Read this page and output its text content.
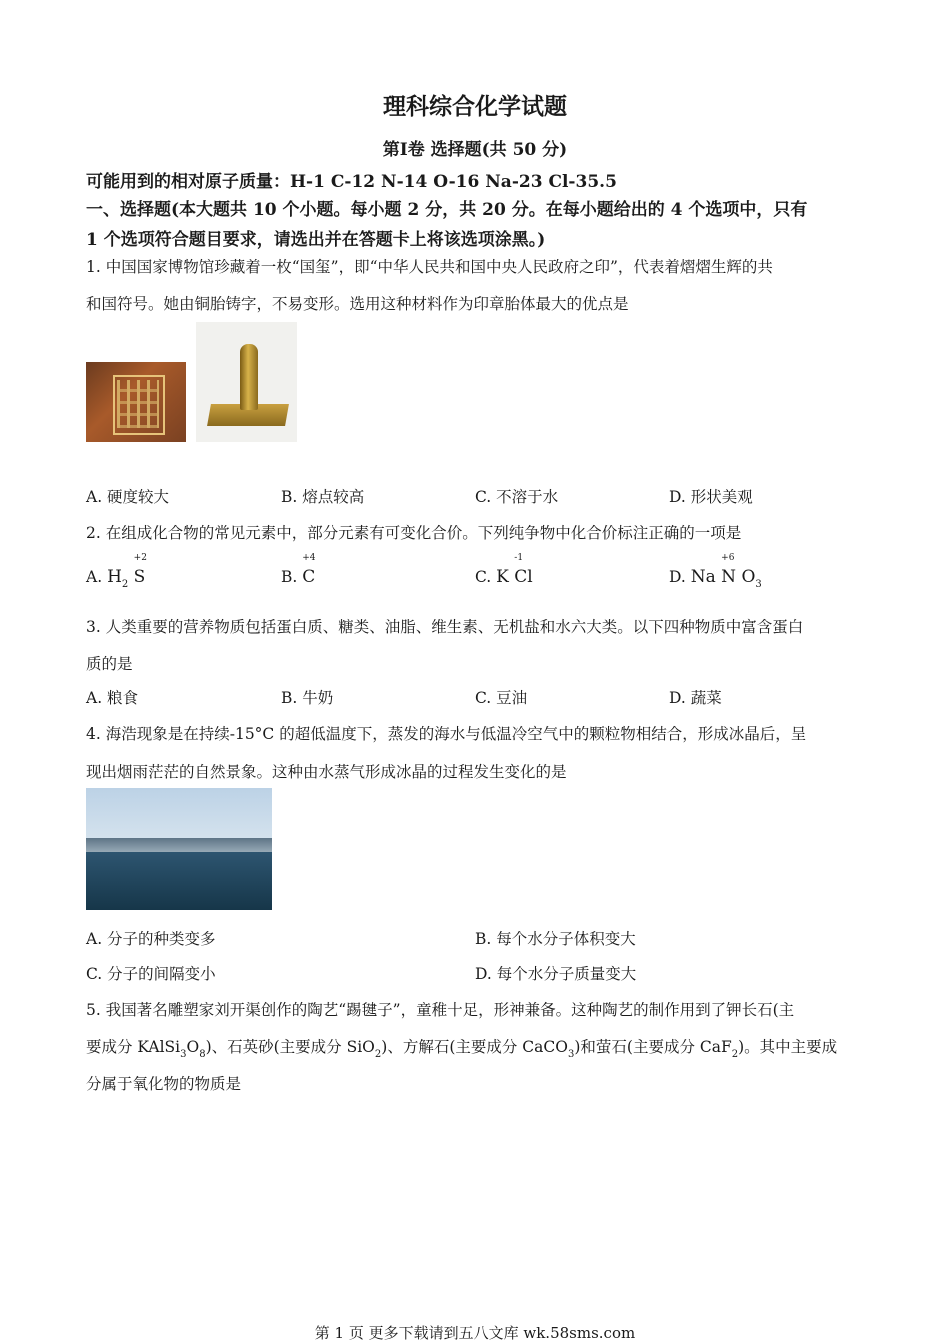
理科综合化学试题
第Ⅰ卷 选择题(共 50 分)
可能用到的相对原子质量：H-1 C-12 N-14 O-16 Na-23 Cl-35.5
一、选择题(本大题共 10 个小题。每小题 2 分，共 20 分。在每小题给出的 4 个选项中，只有
1 个选项符合题目要求，请选出并在答题卡上将该选项涂黑。)
1. 中国国家博物馆珍藏着一枚“国玺”，即“中华人民共和国中央人民政府之印”，代表着熠熠生辉的共
和国符号。她由铜胎铸字，不易变形。选用这种材料作为印章胎体最大的优点是
A. 硬度较大	B. 熔点较高	C. 不溶于水	D. 形状美观
2. 在组成化合物的常见元素中，部分元素有可变化合价。下列纯争物中化合价标注正确的一项是
A. $H_2$
+2
S	B.
+4
C	C. K
-1
Cl	D. Na
+6
N $O_3$
3. 人类重要的营养物质包括蛋白质、糖类、油脂、维生素、无机盐和水六大类。以下四种物质中富含蛋白
质的是
A. 粮食	B. 牛奶	C. 豆油	D. 蔬菜
4. 海浩现象是在持续-15°C 的超低温度下，蒸发的海水与低温冷空气中的颗粒物相结合，形成冰晶后，呈
现出烟雨茫茫的自然景象。这种由水蒸气形成冰晶的过程发生变化的是
A. 分子的种类变多	B. 每个水分子体积变大
C. 分子的间隔变小	D. 每个水分子质量变大
5. 我国著名雕塑家刘开渠创作的陶艺“踢毽子”，童稚十足，形神兼备。这种陶艺的制作用到了钾长石(主
要成分 $KAlSi_3O_8$)、石英砂(主要成分 SiO$_2$)、方解石(主要成分 CaCO$_3$)和萤石(主要成分 CaF$_2$)。其中主要成
分属于氧化物的物质是
第 1 页 更多下载请到五八文库 wk.58sms.com
